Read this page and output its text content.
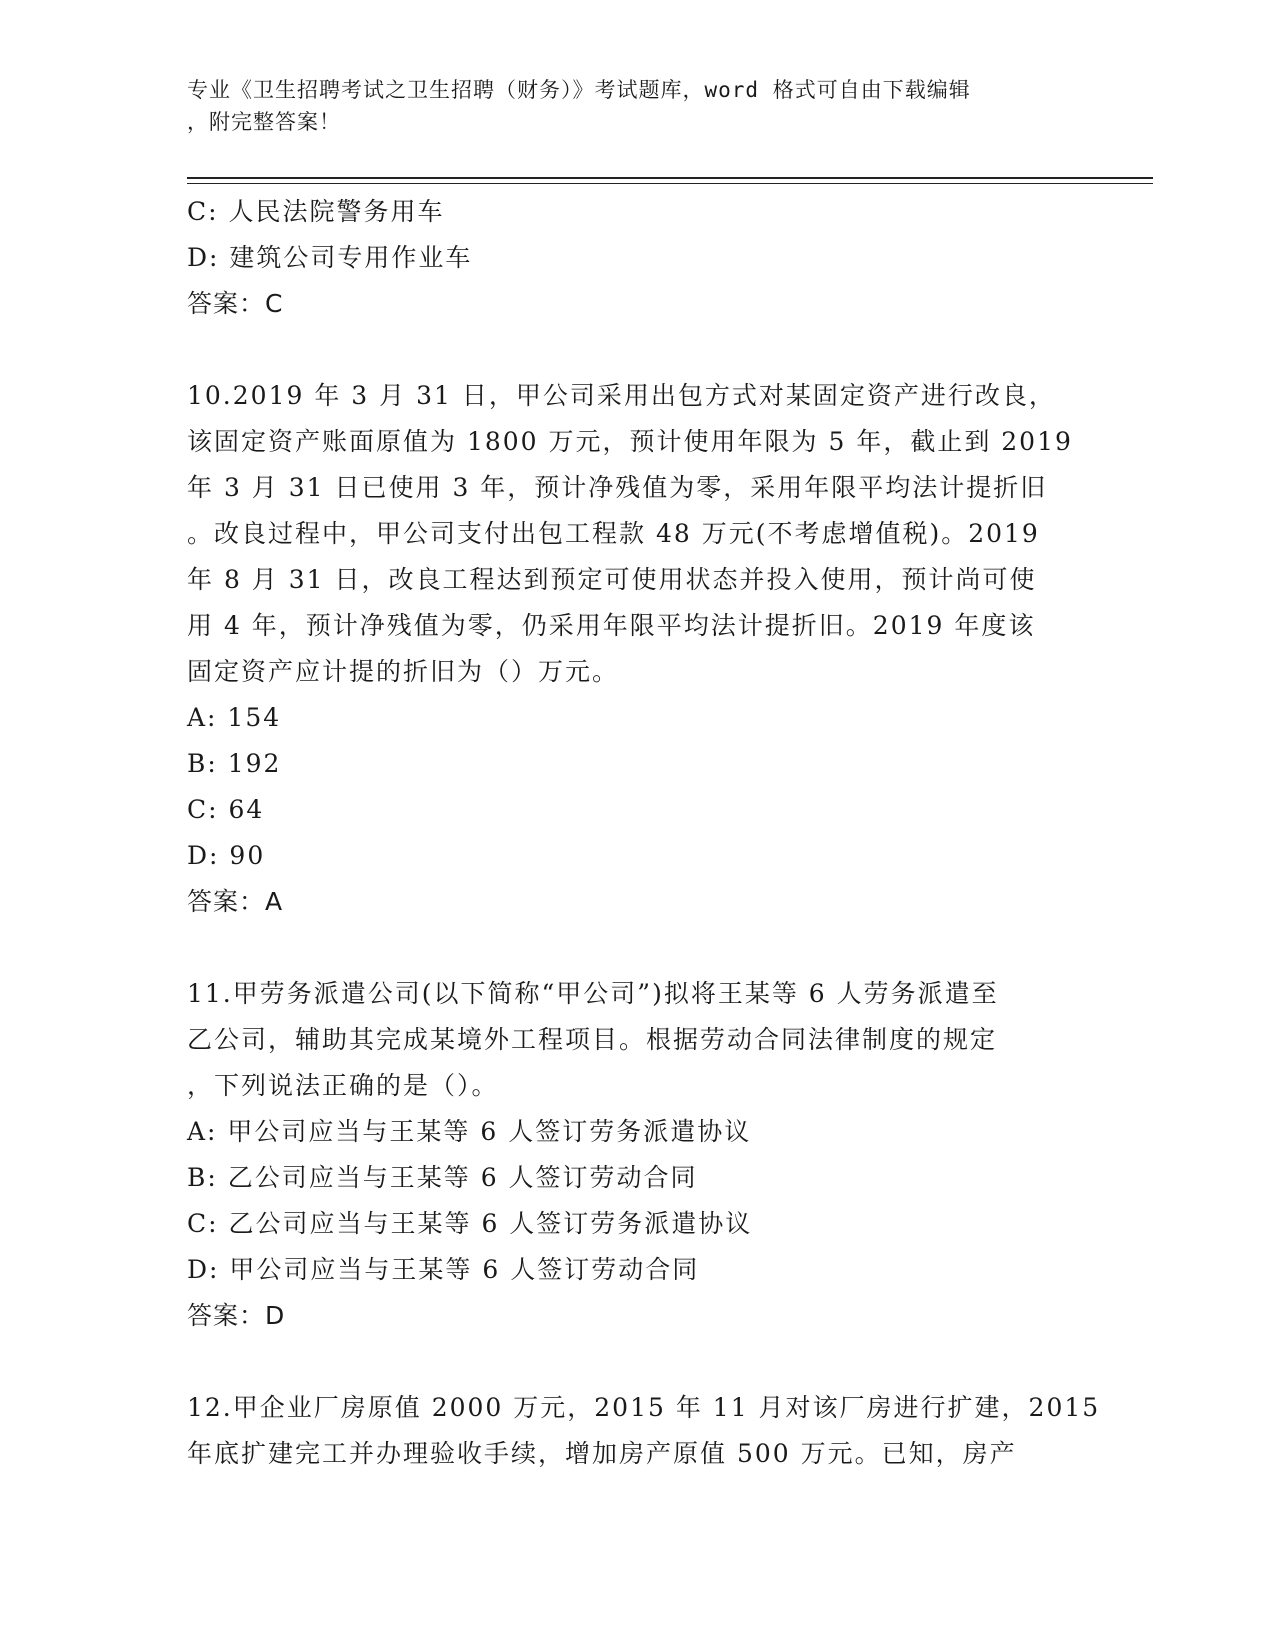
专业《卫生招聘考试之卫生招聘（财务）》考试题库，word 格式可自由下载编辑
，附完整答案！
C: 人民法院警务用车
D: 建筑公司专用作业车
答案：C
10.2019 年 3 月 31 日，甲公司采用出包方式对某固定资产进行改良，
该固定资产账面原值为 1800 万元，预计使用年限为 5 年，截止到 2019
年 3 月 31 日已使用 3 年，预计净残值为零，采用年限平均法计提折旧
。改良过程中，甲公司支付出包工程款 48 万元(不考虑增值税)。2019
年 8 月 31 日，改良工程达到预定可使用状态并投入使用，预计尚可使
用 4 年，预计净残值为零，仍采用年限平均法计提折旧。2019 年度该
固定资产应计提的折旧为（）万元。
A: 154
B: 192
C: 64
D: 90
答案：A
11.甲劳务派遣公司(以下简称“甲公司”)拟将王某等 6 人劳务派遣至
乙公司，辅助其完成某境外工程项目。根据劳动合同法律制度的规定
，下列说法正确的是（）。
A: 甲公司应当与王某等 6 人签订劳务派遣协议
B: 乙公司应当与王某等 6 人签订劳动合同
C: 乙公司应当与王某等 6 人签订劳务派遣协议
D: 甲公司应当与王某等 6 人签订劳动合同
答案：D
12.甲企业厂房原值 2000 万元，2015 年 11 月对该厂房进行扩建，2015
年底扩建完工并办理验收手续，增加房产原值 500 万元。已知，房产
